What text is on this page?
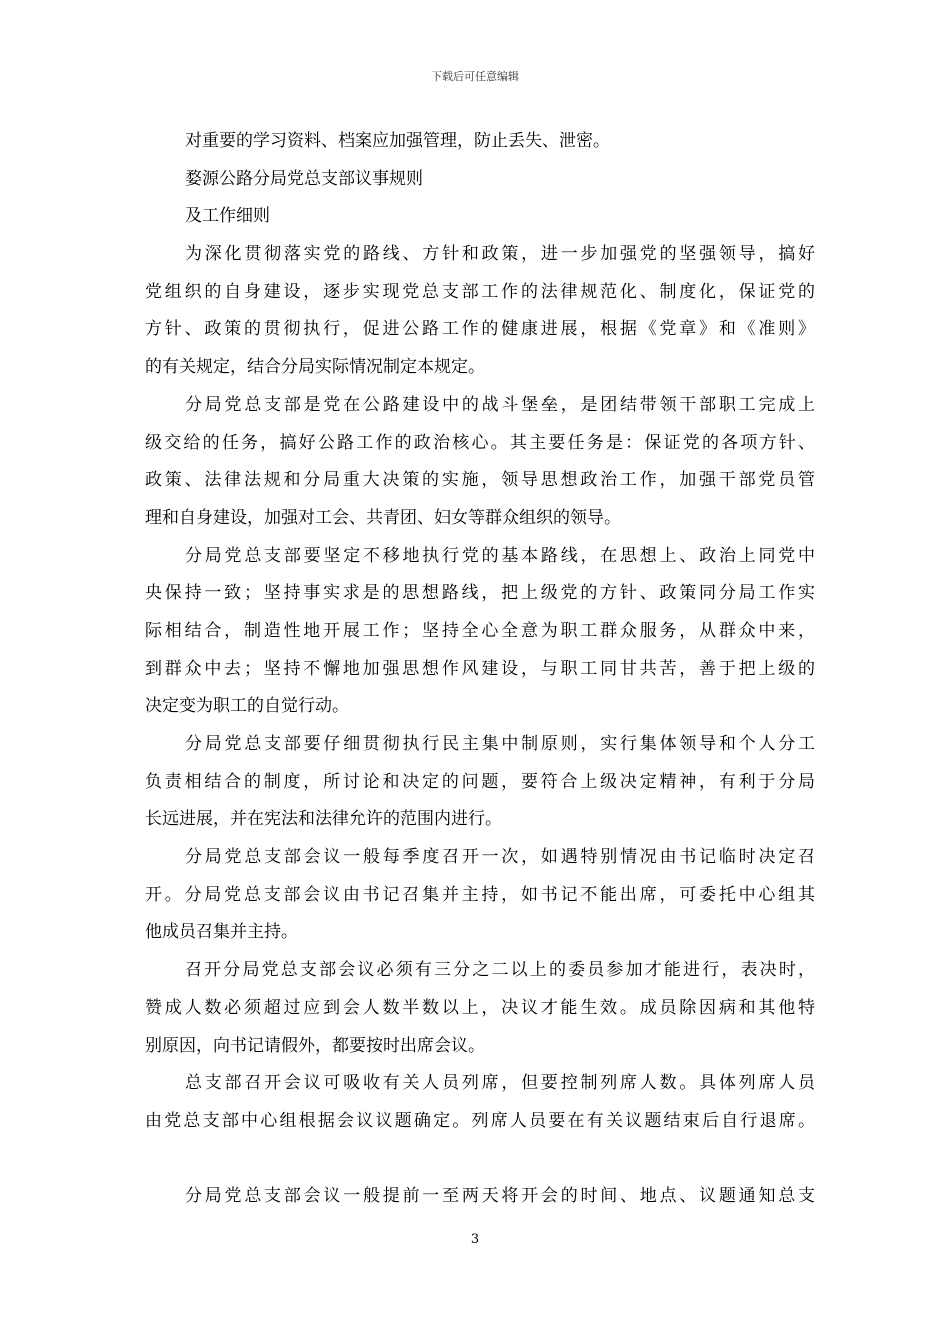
下载后可任意编辑
对重要的学习资料、档案应加强管理，防止丢失、泄密。
婺源公路分局党总支部议事规则
及工作细则
为深化贯彻落实党的路线、方针和政策，进一步加强党的坚强领导，搞好
党组织的自身建设，逐步实现党总支部工作的法律规范化、制度化，保证党的
方针、政策的贯彻执行，促进公路工作的健康进展，根据《党章》和《准则》
的有关规定，结合分局实际情况制定本规定。
分局党总支部是党在公路建设中的战斗堡垒，是团结带领干部职工完成上
级交给的任务，搞好公路工作的政治核心。其主要任务是：保证党的各项方针、
政策、法律法规和分局重大决策的实施，领导思想政治工作，加强干部党员管
理和自身建设，加强对工会、共青团、妇女等群众组织的领导。
分局党总支部要坚定不移地执行党的基本路线，在思想上、政治上同党中
央保持一致；坚持事实求是的思想路线，把上级党的方针、政策同分局工作实
际相结合，制造性地开展工作；坚持全心全意为职工群众服务，从群众中来，
到群众中去；坚持不懈地加强思想作风建设，与职工同甘共苦，善于把上级的
决定变为职工的自觉行动。
分局党总支部要仔细贯彻执行民主集中制原则，实行集体领导和个人分工
负责相结合的制度，所讨论和决定的问题，要符合上级决定精神，有利于分局
长远进展，并在宪法和法律允许的范围内进行。
分局党总支部会议一般每季度召开一次，如遇特别情况由书记临时决定召
开。分局党总支部会议由书记召集并主持，如书记不能出席，可委托中心组其
他成员召集并主持。
召开分局党总支部会议必须有三分之二以上的委员参加才能进行，表决时，
赞成人数必须超过应到会人数半数以上，决议才能生效。成员除因病和其他特
别原因，向书记请假外，都要按时出席会议。
总支部召开会议可吸收有关人员列席，但要控制列席人数。具体列席人员
由党总支部中心组根据会议议题确定。列席人员要在有关议题结束后自行退席。
分局党总支部会议一般提前一至两天将开会的时间、地点、议题通知总支
3
